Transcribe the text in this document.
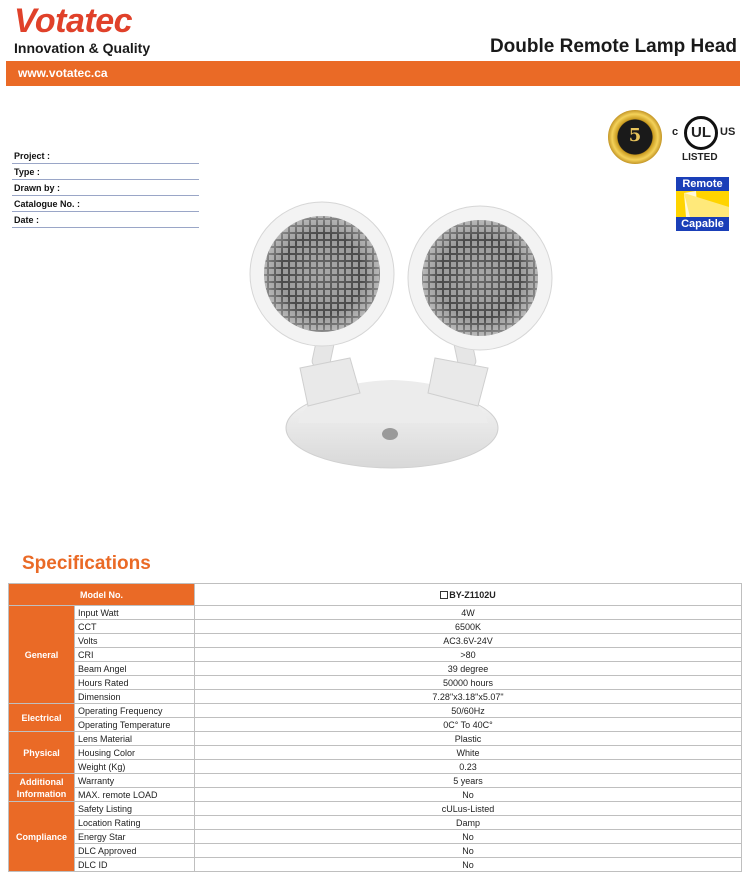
Votatec
Innovation & Quality	Double Remote Lamp Head
www.votatec.ca
Project :
Type :
Drawn by :
Catalogue No. :
Date :
5	c UL US
LISTED
Remote
Capable
Specifications
Model No.		BY-Z1102U
General	Input Watt	4W
	CCT	6500K
	Volts	AC3.6V-24V
	CRI	>80
	Beam Angel	39 degree
	Hours Rated	50000 hours
	Dimension	7.28"x3.18"x5.07"
Electrical	Operating Frequency	50/60Hz
	Operating Temperature	0C° To 40C°
Physical	Lens Material	Plastic
	Housing Color	White
	Weight (Kg)	0.23
Additional Information	Warranty	5 years
	MAX. remote LOAD	No
Compliance	Safety Listing	cULus-Listed
	Location Rating	Damp
	Energy Star	No
	DLC Approved	No
	DLC ID	No
